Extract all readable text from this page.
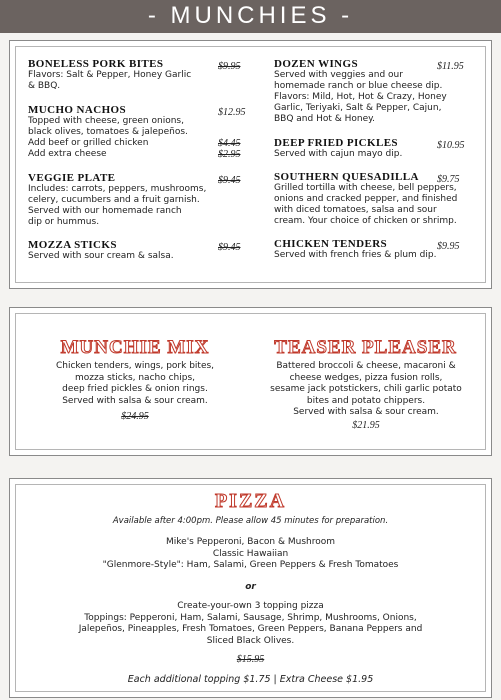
- MUNCHIES -
BONELESS PORK BITES
Flavors: Salt & Pepper, Honey Garlic
& BBQ.
$9.95
MUCHO NACHOS
Topped with cheese, green onions,
black olives, tomatoes & jalepeños.
Add beef or grilled chicken
Add extra cheese
$12.95
$4.45
$2.95
VEGGIE PLATE
Includes: carrots, peppers, mushrooms,
celery, cucumbers and a fruit garnish.
Served with our homemade ranch
dip or hummus.
$9.45
MOZZA STICKS
Served with sour cream & salsa.
$9.45
DOZEN WINGS
Served with veggies and our
homemade ranch or blue cheese dip.
Flavors: Mild, Hot, Hot & Crazy, Honey
Garlic, Teriyaki, Salt & Pepper, Cajun,
BBQ and Hot & Honey.
$11.95
DEEP FRIED PICKLES
Served with cajun mayo dip.
$10.95
SOUTHERN QUESADILLA
Grilled tortilla with cheese, bell peppers,
onions and cracked pepper, and finished
with diced tomatoes, salsa and sour
cream. Your choice of chicken or shrimp.
$9.75
CHICKEN TENDERS
Served with french fries & plum dip.
$9.95
MUNCHIE MIX
Chicken tenders, wings, pork bites,
mozza sticks, nacho chips,
deep fried pickles & onion rings.
Served with salsa & sour cream.
$24.95
TEASER PLEASER
Battered broccoli & cheese, macaroni &
cheese wedges, pizza fusion rolls,
sesame jack potstickers, chili garlic potato
bites and potato chippers.
Served with salsa & sour cream.
$21.95
PIZZA
Available after 4:00pm. Please allow 45 minutes for preparation.
Mike's Pepperoni, Bacon & Mushroom
Classic Hawaiian
"Glenmore-Style": Ham, Salami, Green Peppers & Fresh Tomatoes
or
Create-your-own 3 topping pizza
Toppings: Pepperoni, Ham, Salami, Sausage, Shrimp, Mushrooms, Onions,
Jalepeños, Pineapples, Fresh Tomatoes, Green Peppers, Banana Peppers and
Sliced Black Olives.
$15.95
Each additional topping $1.75 | Extra Cheese $1.95
